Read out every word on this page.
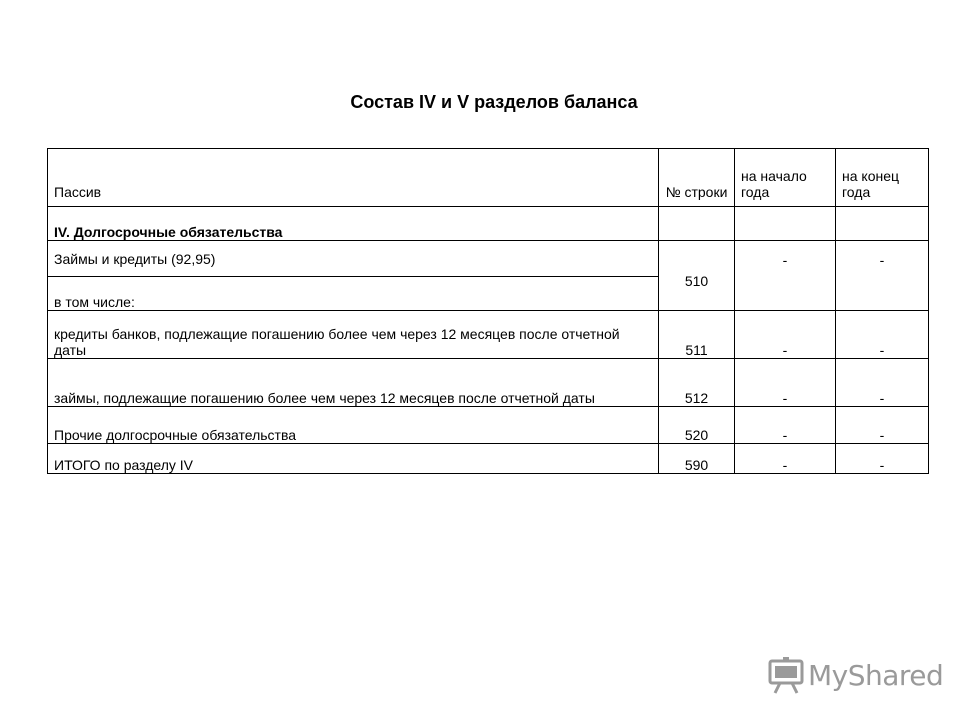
Состав IV и V разделов баланса
Пассив	№ строки	на начало года	на конец года
IV. Долгосрочные обязательства			
Займы и кредиты (92,95)	510	-	-
в том числе:			
кредиты банков, подлежащие погашению более чем через 12 месяцев после отчетной даты	511	-	-
займы, подлежащие погашению более чем через 12 месяцев после отчетной даты	512	-	-
Прочие долгосрочные обязательства	520	-	-
ИТОГО по разделу IV	590	-	-
MyShared
